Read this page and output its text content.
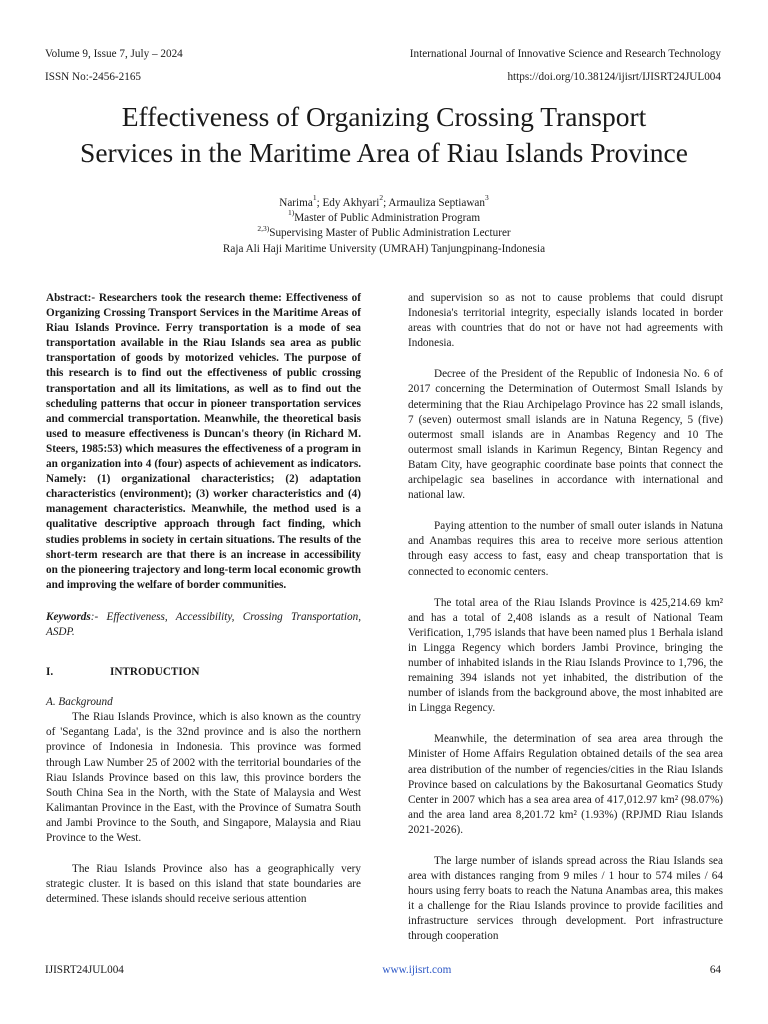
Volume 9, Issue 7, July – 2024	International Journal of Innovative Science and Research Technology
ISSN No:-2456-2165	https://doi.org/10.38124/ijisrt/IJISRT24JUL004
Effectiveness of Organizing Crossing Transport
Services in the Maritime Area of Riau Islands Province
Narima$^1$; Edy Akhyari$^2$; Armauliza Septiawan$^3$
$^{1)}$Master of Public Administration Program
$^{2,3)}$Supervising Master of Public Administration Lecturer
Raja Ali Haji Maritime University (UMRAH) Tanjungpinang-Indonesia

Abstract:- Researchers took the research theme: Effectiveness of Organizing Crossing Transport Services in the Maritime Areas of Riau Islands Province. Ferry transportation is a mode of sea transportation available in the Riau Islands sea area as public transportation of goods by motorized vehicles. The purpose of this research is to find out the effectiveness of public crossing transportation and all its limitations, as well as to find out the scheduling patterns that occur in pioneer transportation services and commercial transportation. Meanwhile, the theoretical basis used to measure effectiveness is Duncan's theory (in Richard M. Steers, 1985:53) which measures the effectiveness of a program in an organization into 4 (four) aspects of achievement as indicators. Namely: (1) organizational characteristics; (2) adaptation characteristics (environment); (3) worker characteristics and (4) management characteristics. Meanwhile, the method used is a qualitative descriptive approach through fact finding, which studies problems in society in certain situations. The results of the short-term research are that there is an increase in accessibility on the pioneering trajectory and long-term local economic growth and improving the welfare of border communities.

Keywords:- Effectiveness, Accessibility, Crossing Transportation, ASDP.

I.	INTRODUCTION
A. Background

The Riau Islands Province, which is also known as the country of 'Segantang Lada', is the 32nd province and is also the northern province of Indonesia in Indonesia. This province was formed through Law Number 25 of 2002 with the territorial boundaries of the Riau Islands Province based on this law, this province borders the South China Sea in the North, with the State of Malaysia and West Kalimantan Province in the East, with the Province of Sumatra South and Jambi Province to the South, and Singapore, Malaysia and Riau Province to the West.

The Riau Islands Province also has a geographically very strategic cluster. It is based on this island that state boundaries are determined. These islands should receive serious attention

and supervision so as not to cause problems that could disrupt Indonesia's territorial integrity, especially islands located in border areas with countries that do not or have not had agreements with Indonesia.

Decree of the President of the Republic of Indonesia No. 6 of 2017 concerning the Determination of Outermost Small Islands by determining that the Riau Archipelago Province has 22 small islands, 7 (seven) outermost small islands are in Natuna Regency, 5 (five) outermost small islands are in Anambas Regency and 10 The outermost small islands in Karimun Regency, Bintan Regency and Batam City, have geographic coordinate base points that connect the archipelagic sea baselines in accordance with international and national law.

Paying attention to the number of small outer islands in Natuna and Anambas requires this area to receive more serious attention through easy access to fast, easy and cheap transportation that is connected to economic centers.

The total area of the Riau Islands Province is 425,214.69 km² and has a total of 2,408 islands as a result of National Team Verification, 1,795 islands that have been named plus 1 Berhala island in Lingga Regency which borders Jambi Province, bringing the number of inhabited islands in the Riau Islands Province to 1,796, the remaining 394 islands not yet inhabited, the distribution of the number of islands from the background above, the most inhabited are in Lingga Regency.

Meanwhile, the determination of sea area area through the Minister of Home Affairs Regulation obtained details of the sea area area distribution of the number of regencies/cities in the Riau Islands Province based on calculations by the Bakosurtanal Geomatics Study Center in 2007 which has a sea area area of 417,012.97 km² (98.07%) and the area land area 8,201.72 km² (1.93%) (RPJMD Riau Islands 2021-2026).

The large number of islands spread across the Riau Islands sea area with distances ranging from 9 miles / 1 hour to 574 miles / 64 hours using ferry boats to reach the Natuna Anambas area, this makes it a challenge for the Riau Islands province to provide facilities and infrastructure services through development. Port infrastructure through cooperation

IJISRT24JUL004	www.ijisrt.com	64
